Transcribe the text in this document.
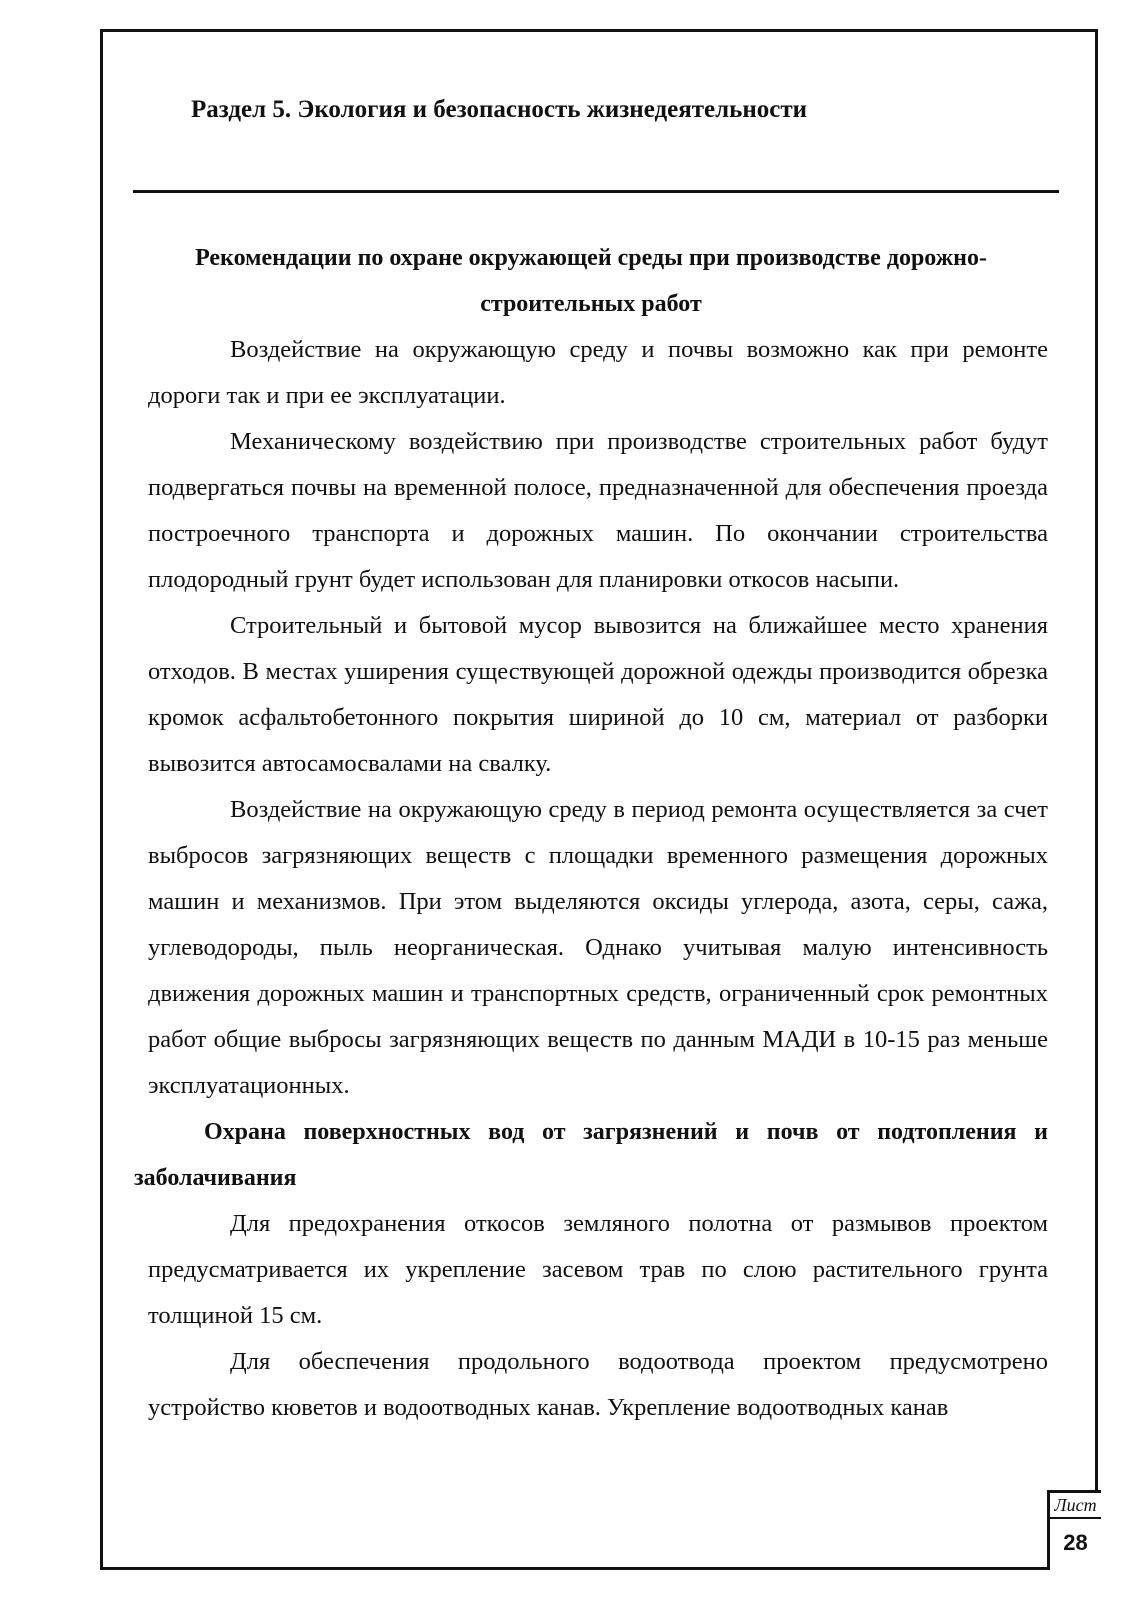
Раздел 5. Экология и безопасность жизнедеятельности

Рекомендации по охране окружающей среды при производстве дорожно-строительных работ

Воздействие на окружающую среду и почвы возможно как при ремонте дороги так и при ее эксплуатации.

Механическому воздействию при производстве строительных работ будут подвергаться почвы на временной полосе, предназначенной для обеспечения проезда построечного транспорта и дорожных машин. По окончании строительства плодородный грунт будет использован для планировки откосов насыпи.

Строительный и бытовой мусор вывозится на ближайшее место хранения отходов. В местах уширения существующей дорожной одежды производится обрезка кромок асфальтобетонного покрытия шириной до 10 см, материал от разборки вывозится автосамосвалами на свалку.

Воздействие на окружающую среду в период ремонта осуществляется за счет выбросов загрязняющих веществ с площадки временного размещения дорожных машин и механизмов. При этом выделяются оксиды углерода, азота, серы, сажа, углеводороды, пыль неорганическая. Однако учитывая малую интенсивность движения дорожных машин и транспортных средств, ограниченный срок ремонтных работ общие выбросы загрязняющих веществ по данным МАДИ в 10-15 раз меньше эксплуатационных.

Охрана поверхностных вод от загрязнений и почв от подтопления и заболачивания

Для предохранения откосов земляного полотна от размывов проектом предусматривается их укрепление засевом трав по слою растительного грунта толщиной 15 см.

Для обеспечения продольного водоотвода проектом предусмотрено устройство кюветов и водоотводных канав. Укрепление водоотводных канав

Лист
28
